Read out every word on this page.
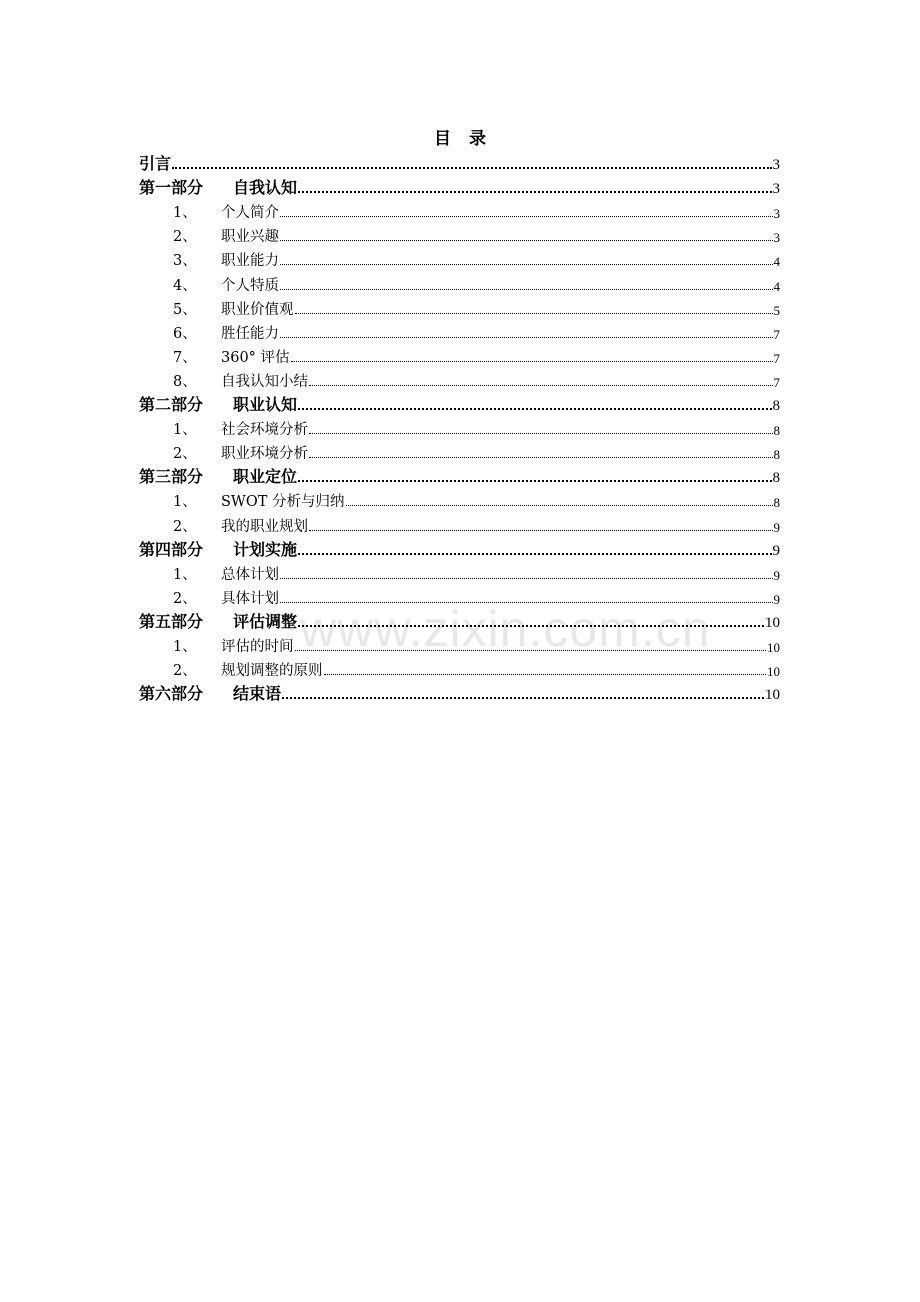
目录
引言	3
第一部分	自我认知	3
1、	个人简介	3
2、	职业兴趣	3
3、	职业能力	4
4、	个人特质	4
5、	职业价值观	5
6、	胜任能力	7
7、	360° 评估	7
8、	自我认知小结	7
第二部分	职业认知	8
1、	社会环境分析	8
2、	职业环境分析	8
第三部分	职业定位	8
1、	SWOT 分析与归纳	8
2、	我的职业规划	9
第四部分	计划实施	9
1、	总体计划	9
2、	具体计划	9
第五部分	评估调整	10
1、	评估的时间	10
2、	规划调整的原则	10
第六部分	结束语	10
www.zixin.com.cn
